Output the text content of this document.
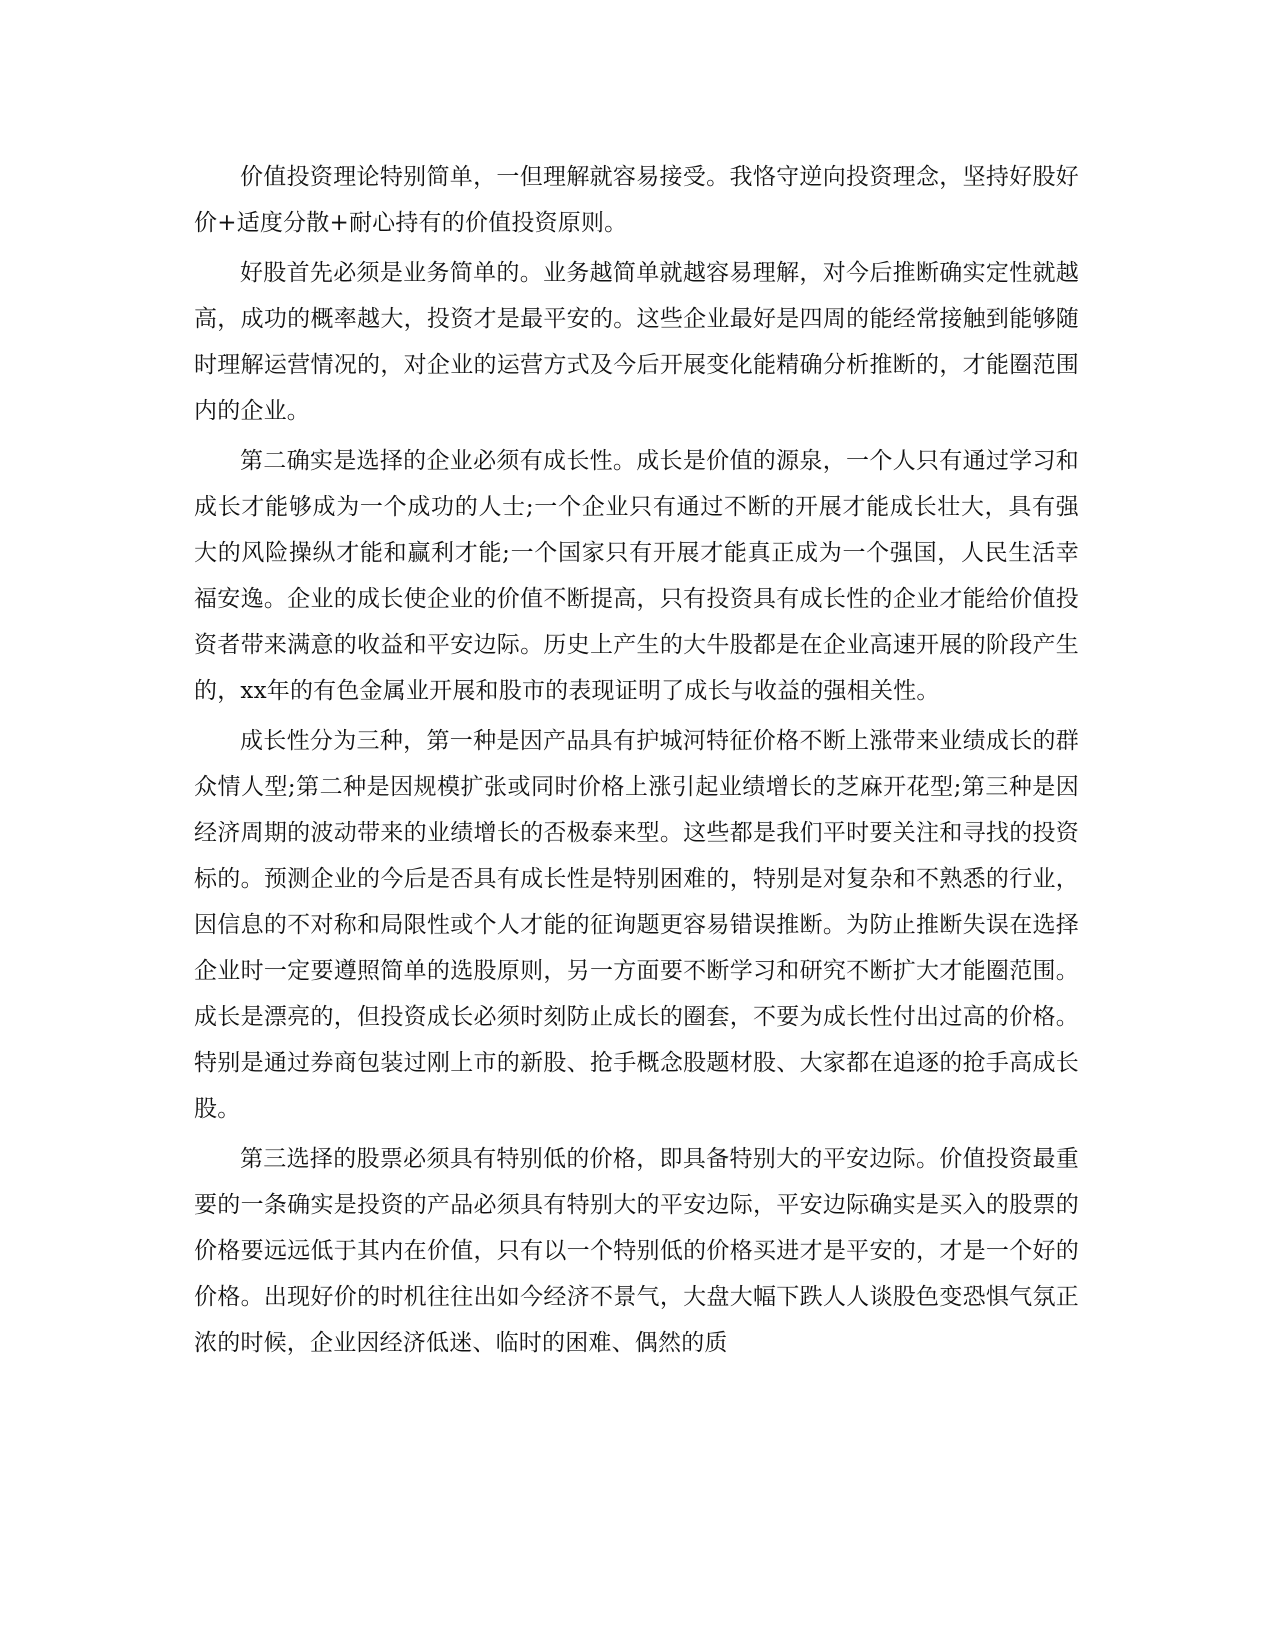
价值投资理论特别简单，一但理解就容易接受。我恪守逆向投资理念，坚持好股好价+适度分散+耐心持有的价值投资原则。

好股首先必须是业务简单的。业务越简单就越容易理解，对今后推断确实定性就越高，成功的概率越大，投资才是最平安的。这些企业最好是四周的能经常接触到能够随时理解运营情况的，对企业的运营方式及今后开展变化能精确分析推断的，才能圈范围内的企业。

第二确实是选择的企业必须有成长性。成长是价值的源泉，一个人只有通过学习和成长才能够成为一个成功的人士;一个企业只有通过不断的开展才能成长壮大，具有强大的风险操纵才能和赢利才能;一个国家只有开展才能真正成为一个强国，人民生活幸福安逸。企业的成长使企业的价值不断提高，只有投资具有成长性的企业才能给价值投资者带来满意的收益和平安边际。历史上产生的大牛股都是在企业高速开展的阶段产生的，xx年的有色金属业开展和股市的表现证明了成长与收益的强相关性。

成长性分为三种，第一种是因产品具有护城河特征价格不断上涨带来业绩成长的群众情人型;第二种是因规模扩张或同时价格上涨引起业绩增长的芝麻开花型;第三种是因经济周期的波动带来的业绩增长的否极泰来型。这些都是我们平时要关注和寻找的投资标的。预测企业的今后是否具有成长性是特别困难的，特别是对复杂和不熟悉的行业，因信息的不对称和局限性或个人才能的征询题更容易错误推断。为防止推断失误在选择企业时一定要遵照简单的选股原则，另一方面要不断学习和研究不断扩大才能圈范围。成长是漂亮的，但投资成长必须时刻防止成长的圈套，不要为成长性付出过高的价格。特别是通过券商包装过刚上市的新股、抢手概念股题材股、大家都在追逐的抢手高成长股。

第三选择的股票必须具有特别低的价格，即具备特别大的平安边际。价值投资最重要的一条确实是投资的产品必须具有特别大的平安边际，平安边际确实是买入的股票的价格要远远低于其内在价值，只有以一个特别低的价格买进才是平安的，才是一个好的价格。出现好价的时机往往出如今经济不景气，大盘大幅下跌人人谈股色变恐惧气氛正浓的时候，企业因经济低迷、临时的困难、偶然的质
